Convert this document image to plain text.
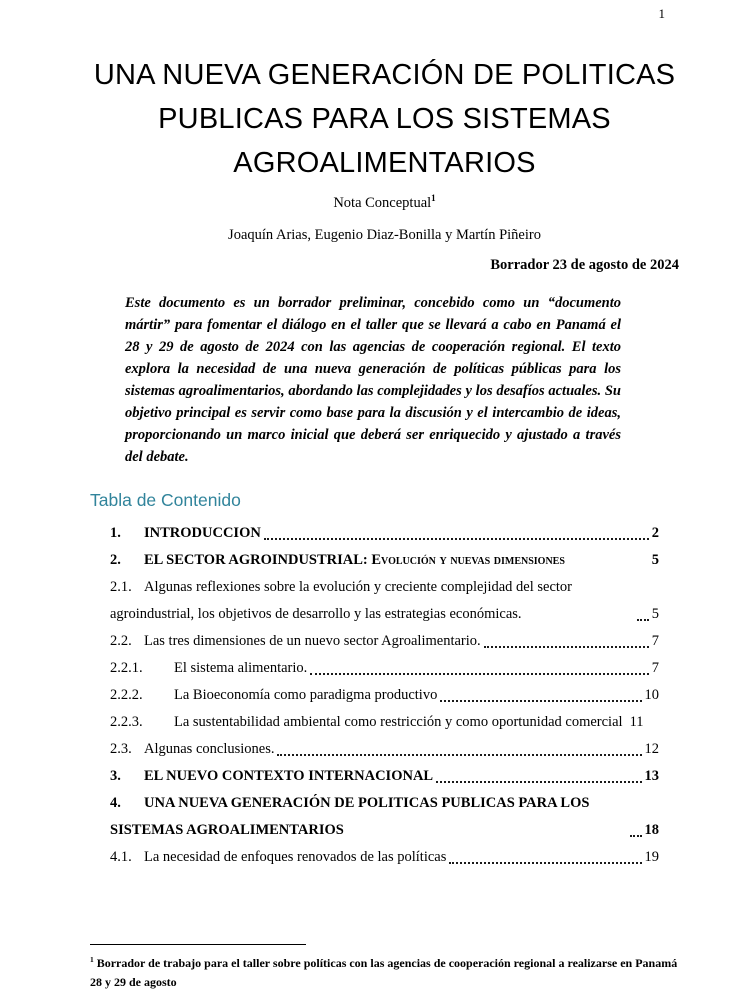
1
UNA NUEVA GENERACIÓN DE POLITICAS PUBLICAS PARA LOS SISTEMAS AGROALIMENTARIOS
Nota Conceptual$^1$
Joaquín Arias, Eugenio Diaz-Bonilla y Martín Piñeiro
Borrador 23 de agosto de 2024

Este documento es un borrador preliminar, concebido como un “documento mártir” para fomentar el diálogo en el taller que se llevará a cabo en Panamá el 28 y 29 de agosto de 2024 con las agencias de cooperación regional. El texto explora la necesidad de una nueva generación de políticas públicas para los sistemas agroalimentarios, abordando las complejidades y los desafíos actuales. Su objetivo principal es servir como base para la discusión y el intercambio de ideas, proporcionando un marco inicial que deberá ser enriquecido y ajustado a través del debate.

Tabla de Contenido
1. INTRODUCCION	2
2. EL SECTOR AGROINDUSTRIAL: Evolución y nuevas dimensiones	5
2.1. Algunas reflexiones sobre la evolución y creciente complejidad del sector agroindustrial, los objetivos de desarrollo y las estrategias económicas.	5
2.2. Las tres dimensiones de un nuevo sector Agroalimentario.	7
2.2.1. El sistema alimentario.	7
2.2.2. La Bioeconomía como paradigma productivo	10
2.2.3. La sustentabilidad ambiental como restricción y como oportunidad comercial 11
2.3. Algunas conclusiones.	12
3. EL NUEVO CONTEXTO INTERNACIONAL	13
4. UNA NUEVA GENERACIÓN DE POLITICAS PUBLICAS PARA LOS SISTEMAS AGROALIMENTARIOS	18
4.1. La necesidad de enfoques renovados de las políticas	19
$^1$ Borrador de trabajo para el taller sobre políticas con las agencias de cooperación regional a realizarse en Panamá 28 y 29 de agosto
